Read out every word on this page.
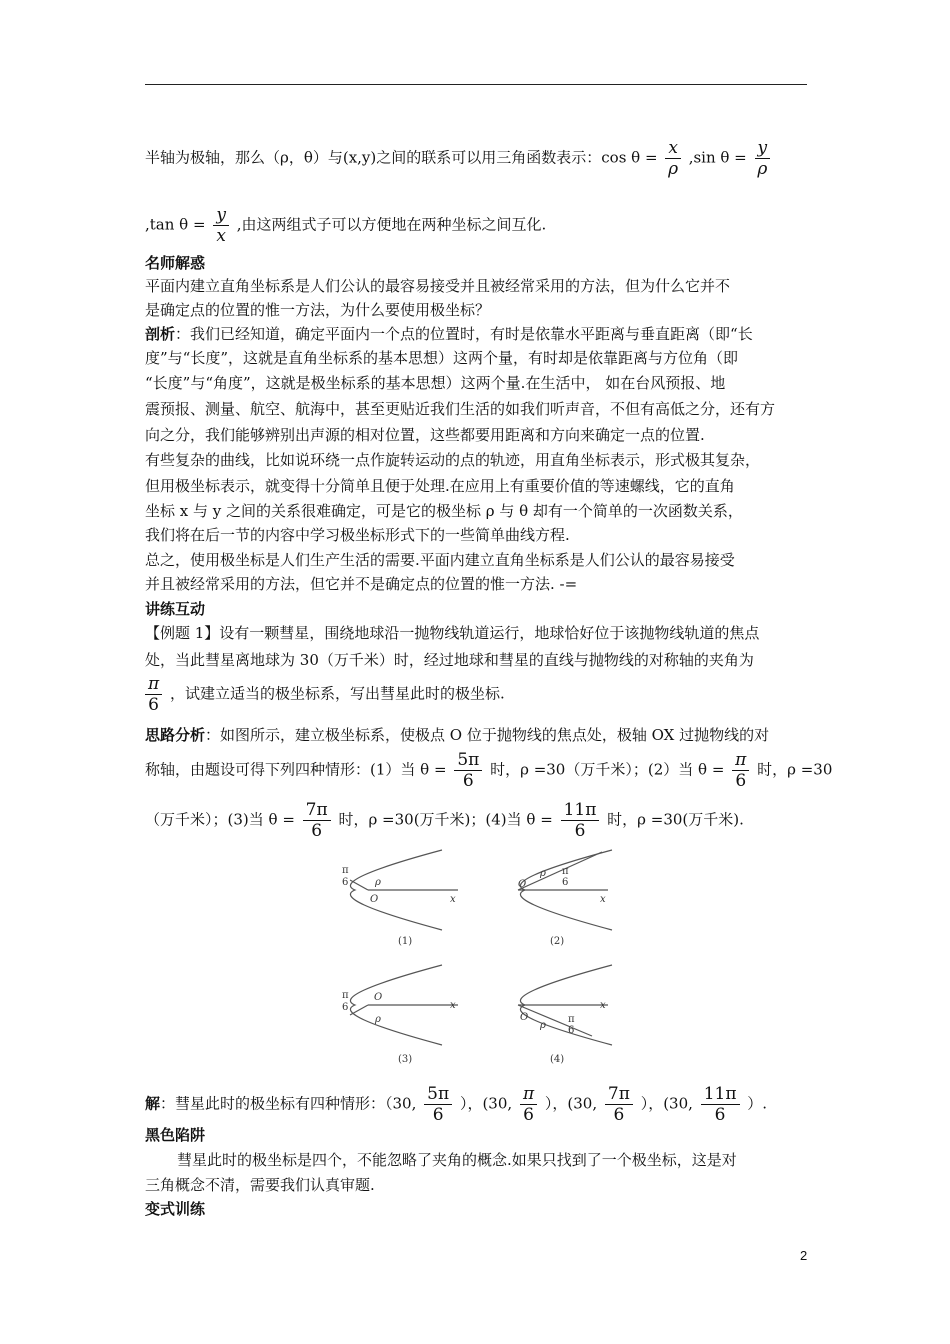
半轴为极轴，那么（ρ，θ）与(x,y)之间的联系可以用三角函数表示：$\cos \theta = \frac{x}{\rho} ,\sin$ $\theta = \frac{y}{\rho}$
,tan $\theta = \frac{y}{x}$ ,由这两组式子可以方便地在两种坐标之间互化.
名师解惑
平面内建立直角坐标系是人们公认的最容易接受并且被经常采用的方法，但为什么它并不
是确定点的位置的惟一方法，为什么要使用极坐标？
剖析：我们已经知道，确定平面内一个点的位置时，有时是依靠水平距离与垂直距离（即“长
度”与“长度”，这就是直角坐标系的基本思想）这两个量，有时却是依靠距离与方位角（即
“长度”与“角度”，这就是极坐标系的基本思想）这两个量.在生活中， 如在台风预报、地
震预报、测量、航空、航海中，甚至更贴近我们生活的如我们听声音，不但有高低之分，还有方
向之分，我们能够辨别出声源的相对位置，这些都要用距离和方向来确定一点的位置.
有些复杂的曲线，比如说环绕一点作旋转运动的点的轨迹，用直角坐标表示，形式极其复杂，
但用极坐标表示，就变得十分简单且便于处理.在应用上有重要价值的等速螺线，它的直角
坐标 x 与 y 之间的关系很难确定，可是它的极坐标 ρ 与 θ 却有一个简单的一次函数关系，
我们将在后一节的内容中学习极坐标形式下的一些简单曲线方程.
总之，使用极坐标是人们生产生活的需要.平面内建立直角坐标系是人们公认的最容易接受
并且被经常采用的方法，但它并不是确定点的位置的惟一方法. -=
讲练互动
【例题 1】设有一颗彗星，围绕地球沿一抛物线轨道运行，地球恰好位于该抛物线轨道的焦点
处，当此彗星离地球为 30（万千米）时，经过地球和彗星的直线与抛物线的对称轴的夹角为
$\frac{\pi}{6}$ ，试建立适当的极坐标系，写出彗星此时的极坐标.
思路分析：如图所示，建立极坐标系，使极点 O 位于抛物线的焦点处，极轴 OX 过抛物线的对
称轴，由题设可得下列四种情形：(1）当 $\theta = \frac{5\pi}{6}$ 时，ρ =30（万千米）；(2）当 $\theta = \frac{\pi}{6}$ 时，ρ =30
（万千米）；(3)当 $\theta = \frac{7\pi}{6}$ 时，ρ =30(万千米)；(4)当 $\theta = \frac{11\pi}{6}$ 时，ρ =30(万千米).
π
6	ρ
O	x
(1)
π
6
ρ
O
x
(2)
π
6
ρ
O
x
(3)
π
6
ρ
O
x
(4)
解：彗星此时的极坐标有四种情形：（30, $\frac{5\pi}{6}$ ），(30, $\frac{\pi}{6}$ ），(30, $\frac{7\pi}{6}$ ），(30, $\frac{11\pi}{6}$ ）.
黑色陷阱
彗星此时的极坐标是四个，不能忽略了夹角的概念.如果只找到了一个极坐标，这是对
三角概念不清，需要我们认真审题.
变式训练
2
